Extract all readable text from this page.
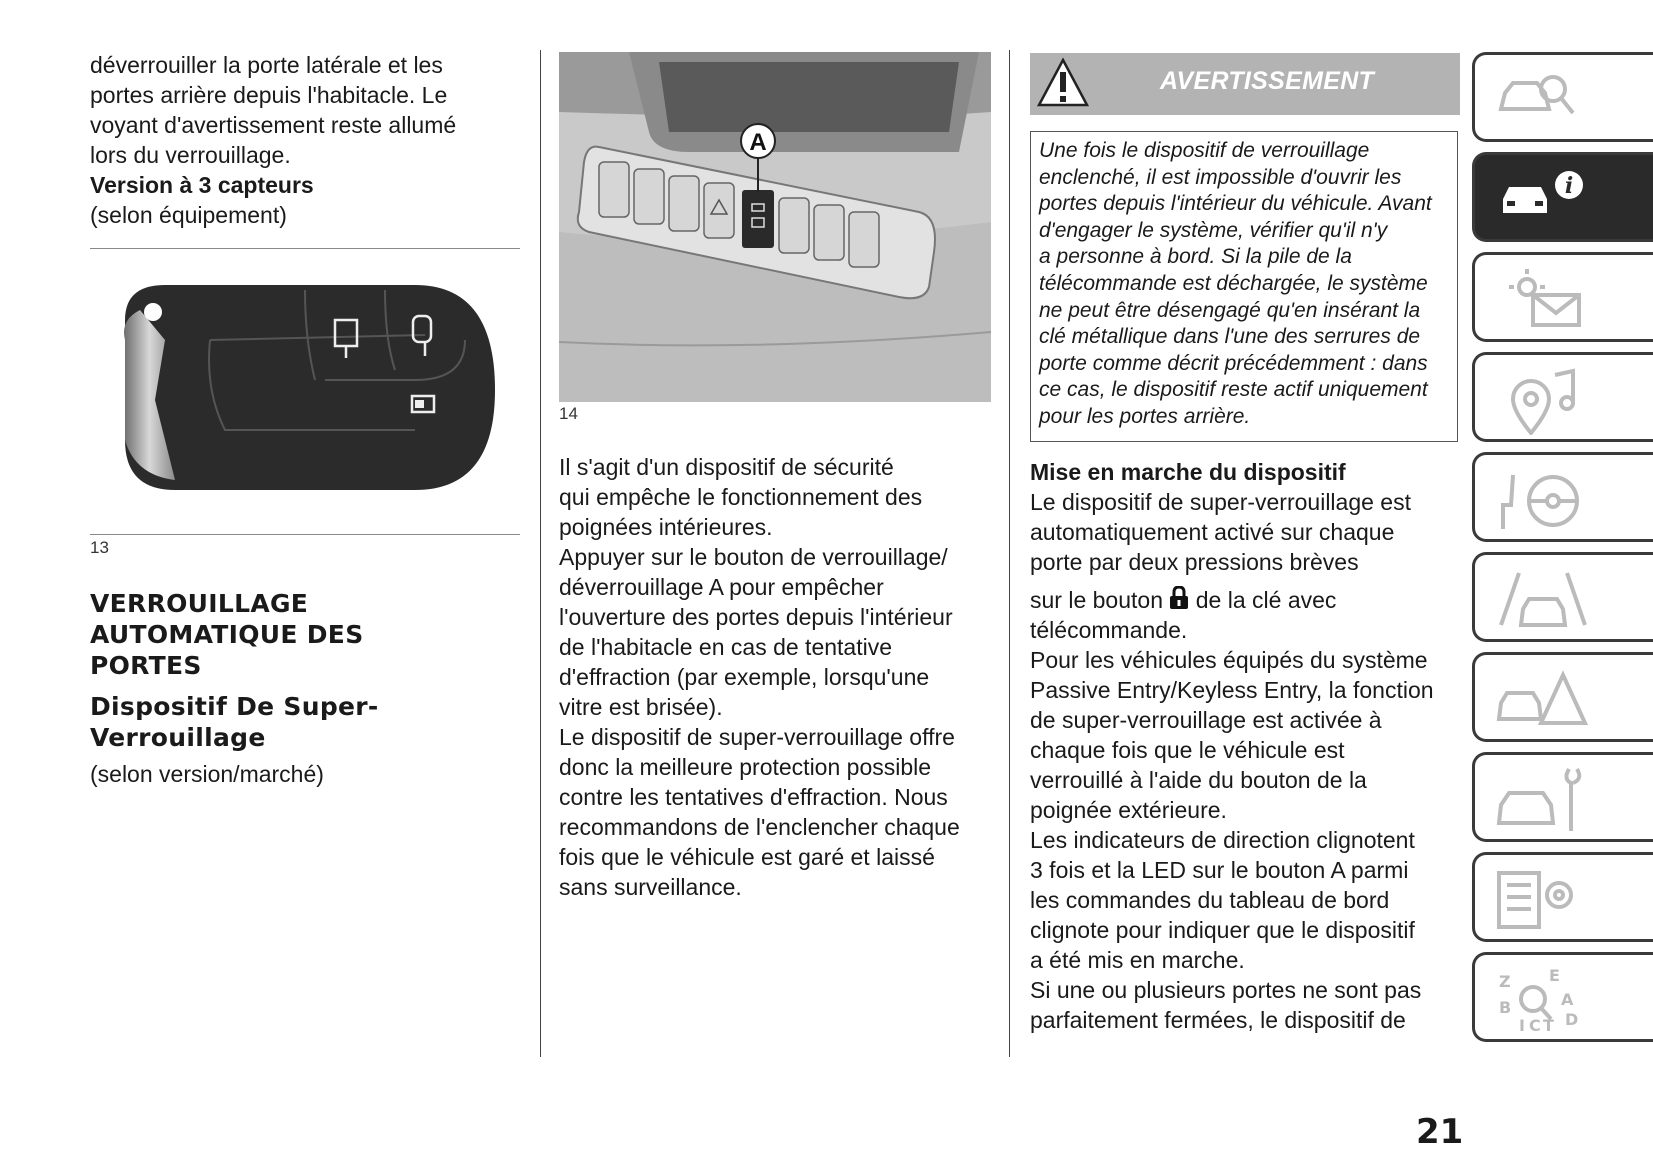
déverrouiller la porte latérale et les
portes arrière depuis l'habitacle. Le
voyant d'avertissement reste allumé
lors du verrouillage.

Version à 3 capteurs

(selon équipement)

13
VERROUILLAGE
AUTOMATIQUE DES
PORTES
Dispositif De Super-
Verrouillage

(selon version/marché)

A
14

Il s'agit d'un dispositif de sécurité
qui empêche le fonctionnement des
poignées intérieures.
Appuyer sur le bouton de verrouillage/
déverrouillage A pour empêcher
l'ouverture des portes depuis l'intérieur
de l'habitacle en cas de tentative
d'effraction (par exemple, lorsqu'une
vitre est brisée).
Le dispositif de super-verrouillage offre
donc la meilleure protection possible
contre les tentatives d'effraction. Nous
recommandons de l'enclencher chaque
fois que le véhicule est garé et laissé
sans surveillance.

AVERTISSEMENT

Une fois le dispositif de verrouillage
enclenché, il est impossible d'ouvrir les
portes depuis l'intérieur du véhicule. Avant
d'engager le système, vérifier qu'il n'y
a personne à bord. Si la pile de la
télécommande est déchargée, le système
ne peut être désengagé qu'en insérant la
clé métallique dans l'une des serrures de
porte comme décrit précédemment : dans
ce cas, le dispositif reste actif uniquement
pour les portes arrière.

Mise en marche du dispositif

Le dispositif de super-verrouillage est
automatiquement activé sur chaque
porte par deux pressions brèves

sur le bouton  de la clé avec

télécommande.
Pour les véhicules équipés du système
Passive Entry/Keyless Entry, la fonction
de super-verrouillage est activée à
chaque fois que le véhicule est
verrouillé à l'aide du bouton de la
poignée extérieure.
Les indicateurs de direction clignotent
3 fois et la LED sur le bouton A parmi
les commandes du tableau de bord
clignote pour indiquer que le dispositif
a été mis en marche.
Si une ou plusieurs portes ne sont pas
parfaitement fermées, le dispositif de

i
Z E
A
B
D
I C T
21
